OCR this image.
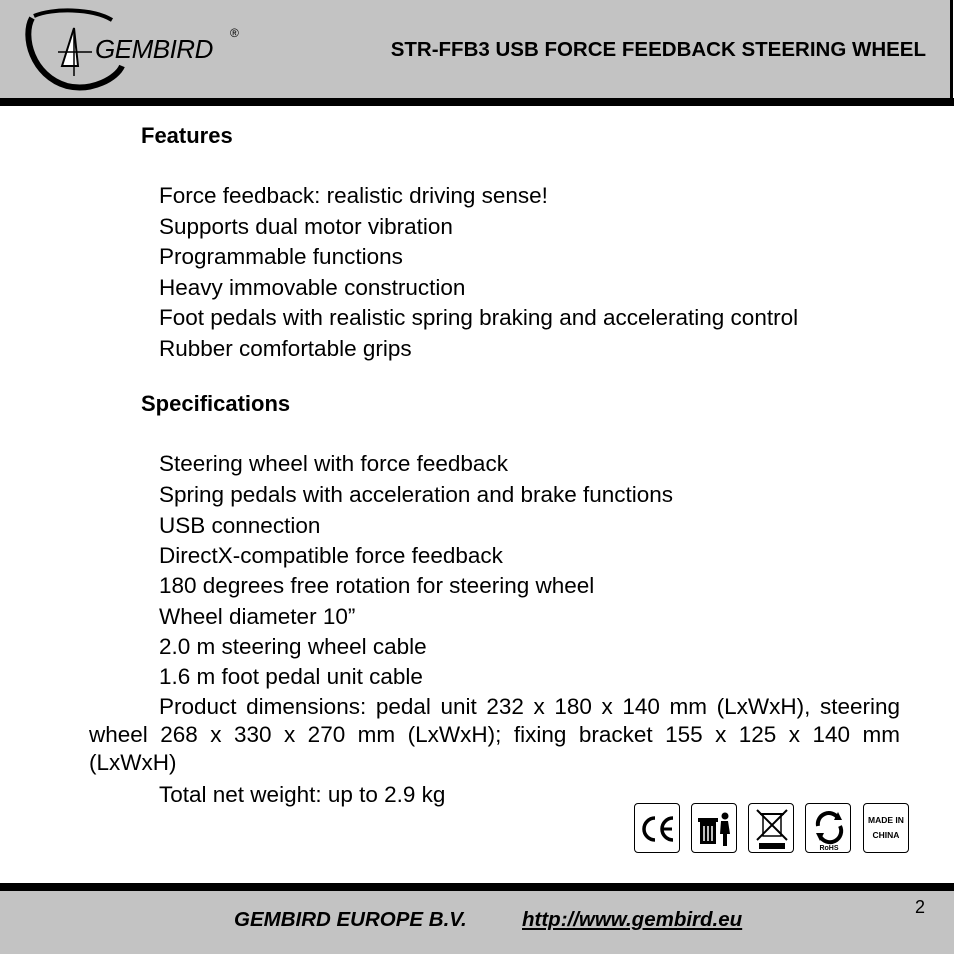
GEMBIRD
®
STR-FFB3 USB FORCE FEEDBACK STEERING WHEEL
Features
Force feedback: realistic driving sense!
Supports dual motor vibration
Programmable functions
Heavy immovable construction
Foot pedals with realistic spring braking and accelerating control
Rubber comfortable grips
Specifications
Steering wheel with force feedback
Spring pedals with acceleration and brake functions
USB connection
DirectX-compatible force feedback
180 degrees free rotation for steering wheel
Wheel diameter 10”
2.0 m steering wheel cable
1.6 m foot pedal unit cable
Product dimensions: pedal unit 232 x 180 x 140 mm (LxWxH), steering wheel 268 x 330 x 270 mm (LxWxH); fixing bracket 155 x 125 x 140 mm (LxWxH)
Total net weight: up to 2.9 kg
RoHS
MADE IN
CHINA
GEMBIRD EUROPE B.V.	http://www.gembird.eu
2
